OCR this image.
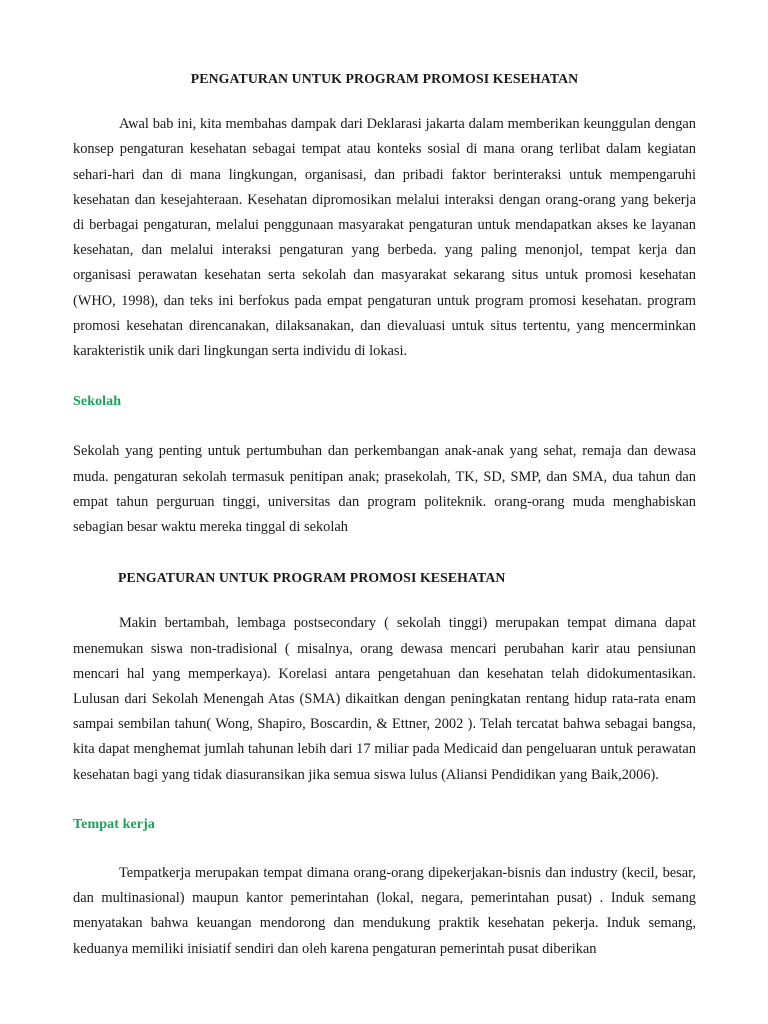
PENGATURAN UNTUK PROGRAM PROMOSI KESEHATAN

Awal bab ini, kita membahas dampak dari Deklarasi jakarta dalam memberikan keunggulan dengan konsep pengaturan kesehatan sebagai tempat atau konteks sosial di mana orang terlibat dalam kegiatan sehari-hari dan di mana lingkungan, organisasi, dan pribadi faktor berinteraksi untuk mempengaruhi kesehatan dan kesejahteraan. Kesehatan dipromosikan melalui interaksi dengan orang-orang yang bekerja di berbagai pengaturan, melalui penggunaan masyarakat pengaturan untuk mendapatkan akses ke layanan kesehatan, dan melalui interaksi pengaturan yang berbeda. yang paling menonjol, tempat kerja dan organisasi perawatan kesehatan serta sekolah dan masyarakat sekarang situs untuk promosi kesehatan (WHO, 1998), dan teks ini berfokus pada empat pengaturan untuk program promosi kesehatan. program promosi kesehatan direncanakan, dilaksanakan, dan dievaluasi untuk situs tertentu, yang mencerminkan karakteristik unik dari lingkungan serta individu di lokasi.

Sekolah

Sekolah yang penting untuk pertumbuhan dan perkembangan anak-anak yang sehat, remaja dan dewasa muda. pengaturan sekolah termasuk penitipan anak; prasekolah, TK, SD, SMP, dan SMA, dua tahun dan empat tahun perguruan tinggi, universitas dan program politeknik. orang-orang muda menghabiskan sebagian besar waktu mereka tinggal di sekolah

PENGATURAN UNTUK PROGRAM PROMOSI KESEHATAN

Makin bertambah, lembaga postsecondary ( sekolah tinggi) merupakan tempat dimana dapat menemukan siswa non-tradisional ( misalnya, orang dewasa mencari perubahan karir atau pensiunan mencari hal yang memperkaya). Korelasi antara pengetahuan dan kesehatan telah didokumentasikan. Lulusan dari Sekolah Menengah Atas (SMA) dikaitkan dengan peningkatan rentang hidup rata-rata enam sampai sembilan tahun( Wong, Shapiro, Boscardin, & Ettner, 2002 ). Telah tercatat bahwa sebagai bangsa, kita dapat menghemat jumlah tahunan lebih dari 17 miliar pada Medicaid dan pengeluaran untuk perawatan kesehatan bagi yang tidak diasuransikan jika semua siswa lulus (Aliansi Pendidikan yang Baik,2006).

Tempat kerja

Tempatkerja merupakan tempat dimana orang-orang dipekerjakan-bisnis dan industry (kecil, besar, dan multinasional) maupun kantor pemerintahan (lokal, negara, pemerintahan pusat) . Induk semang menyatakan bahwa keuangan mendorong dan mendukung praktik kesehatan pekerja. Induk semang, keduanya memiliki inisiatif sendiri dan oleh karena pengaturan pemerintah pusat diberikan
